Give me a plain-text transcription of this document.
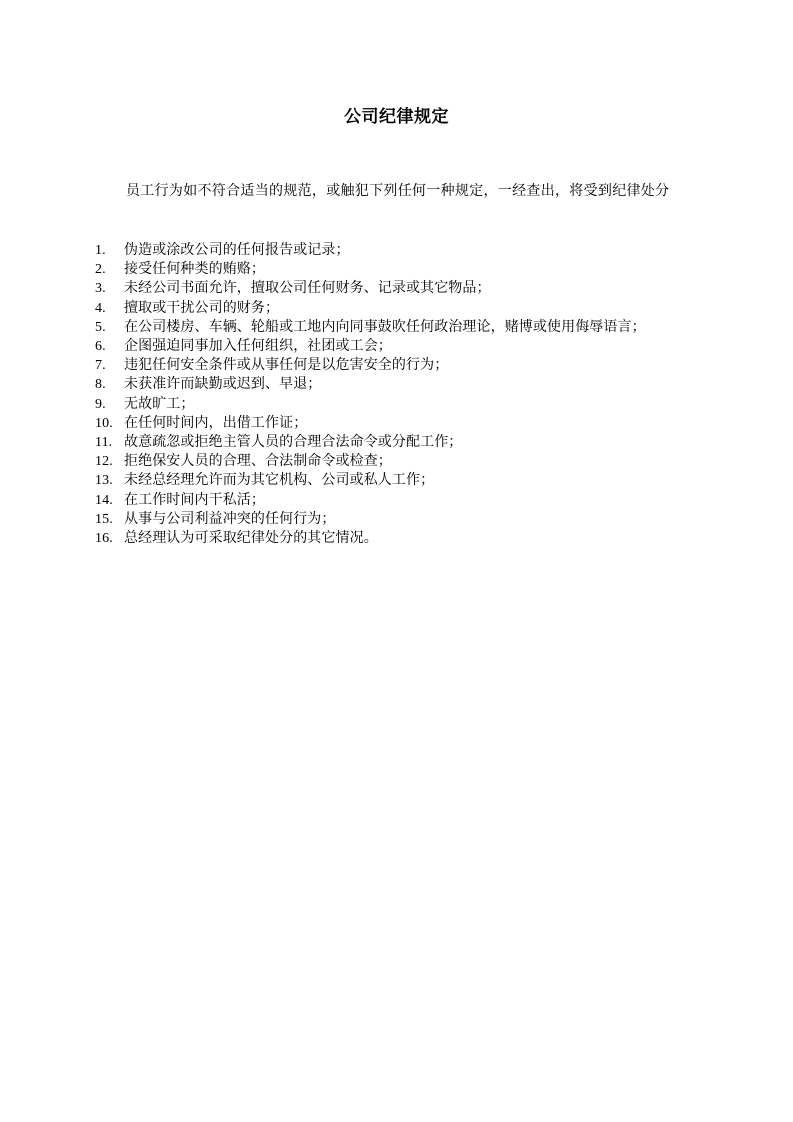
公司纪律规定
员工行为如不符合适当的规范，或触犯下列任何一种规定，一经查出，将受到纪律处分
1.	伪造或涂改公司的任何报告或记录；
2.	接受任何种类的贿赂；
3.	未经公司书面允许，擅取公司任何财务、记录或其它物品；
4.	擅取或干扰公司的财务；
5.	在公司楼房、车辆、轮船或工地内向同事鼓吹任何政治理论，赌博或使用侮辱语言；
6.	企图强迫同事加入任何组织，社团或工会；
7.	违犯任何安全条件或从事任何是以危害安全的行为；
8.	未获准许而缺勤或迟到、早退；
9.	无故旷工；
10. 在任何时间内，出借工作证；
11. 故意疏忽或拒绝主管人员的合理合法命令或分配工作；
12. 拒绝保安人员的合理、合法制命令或检查；
13. 未经总经理允许而为其它机构、公司或私人工作；
14. 在工作时间内干私活；
15. 从事与公司利益冲突的任何行为；
16. 总经理认为可采取纪律处分的其它情况。
